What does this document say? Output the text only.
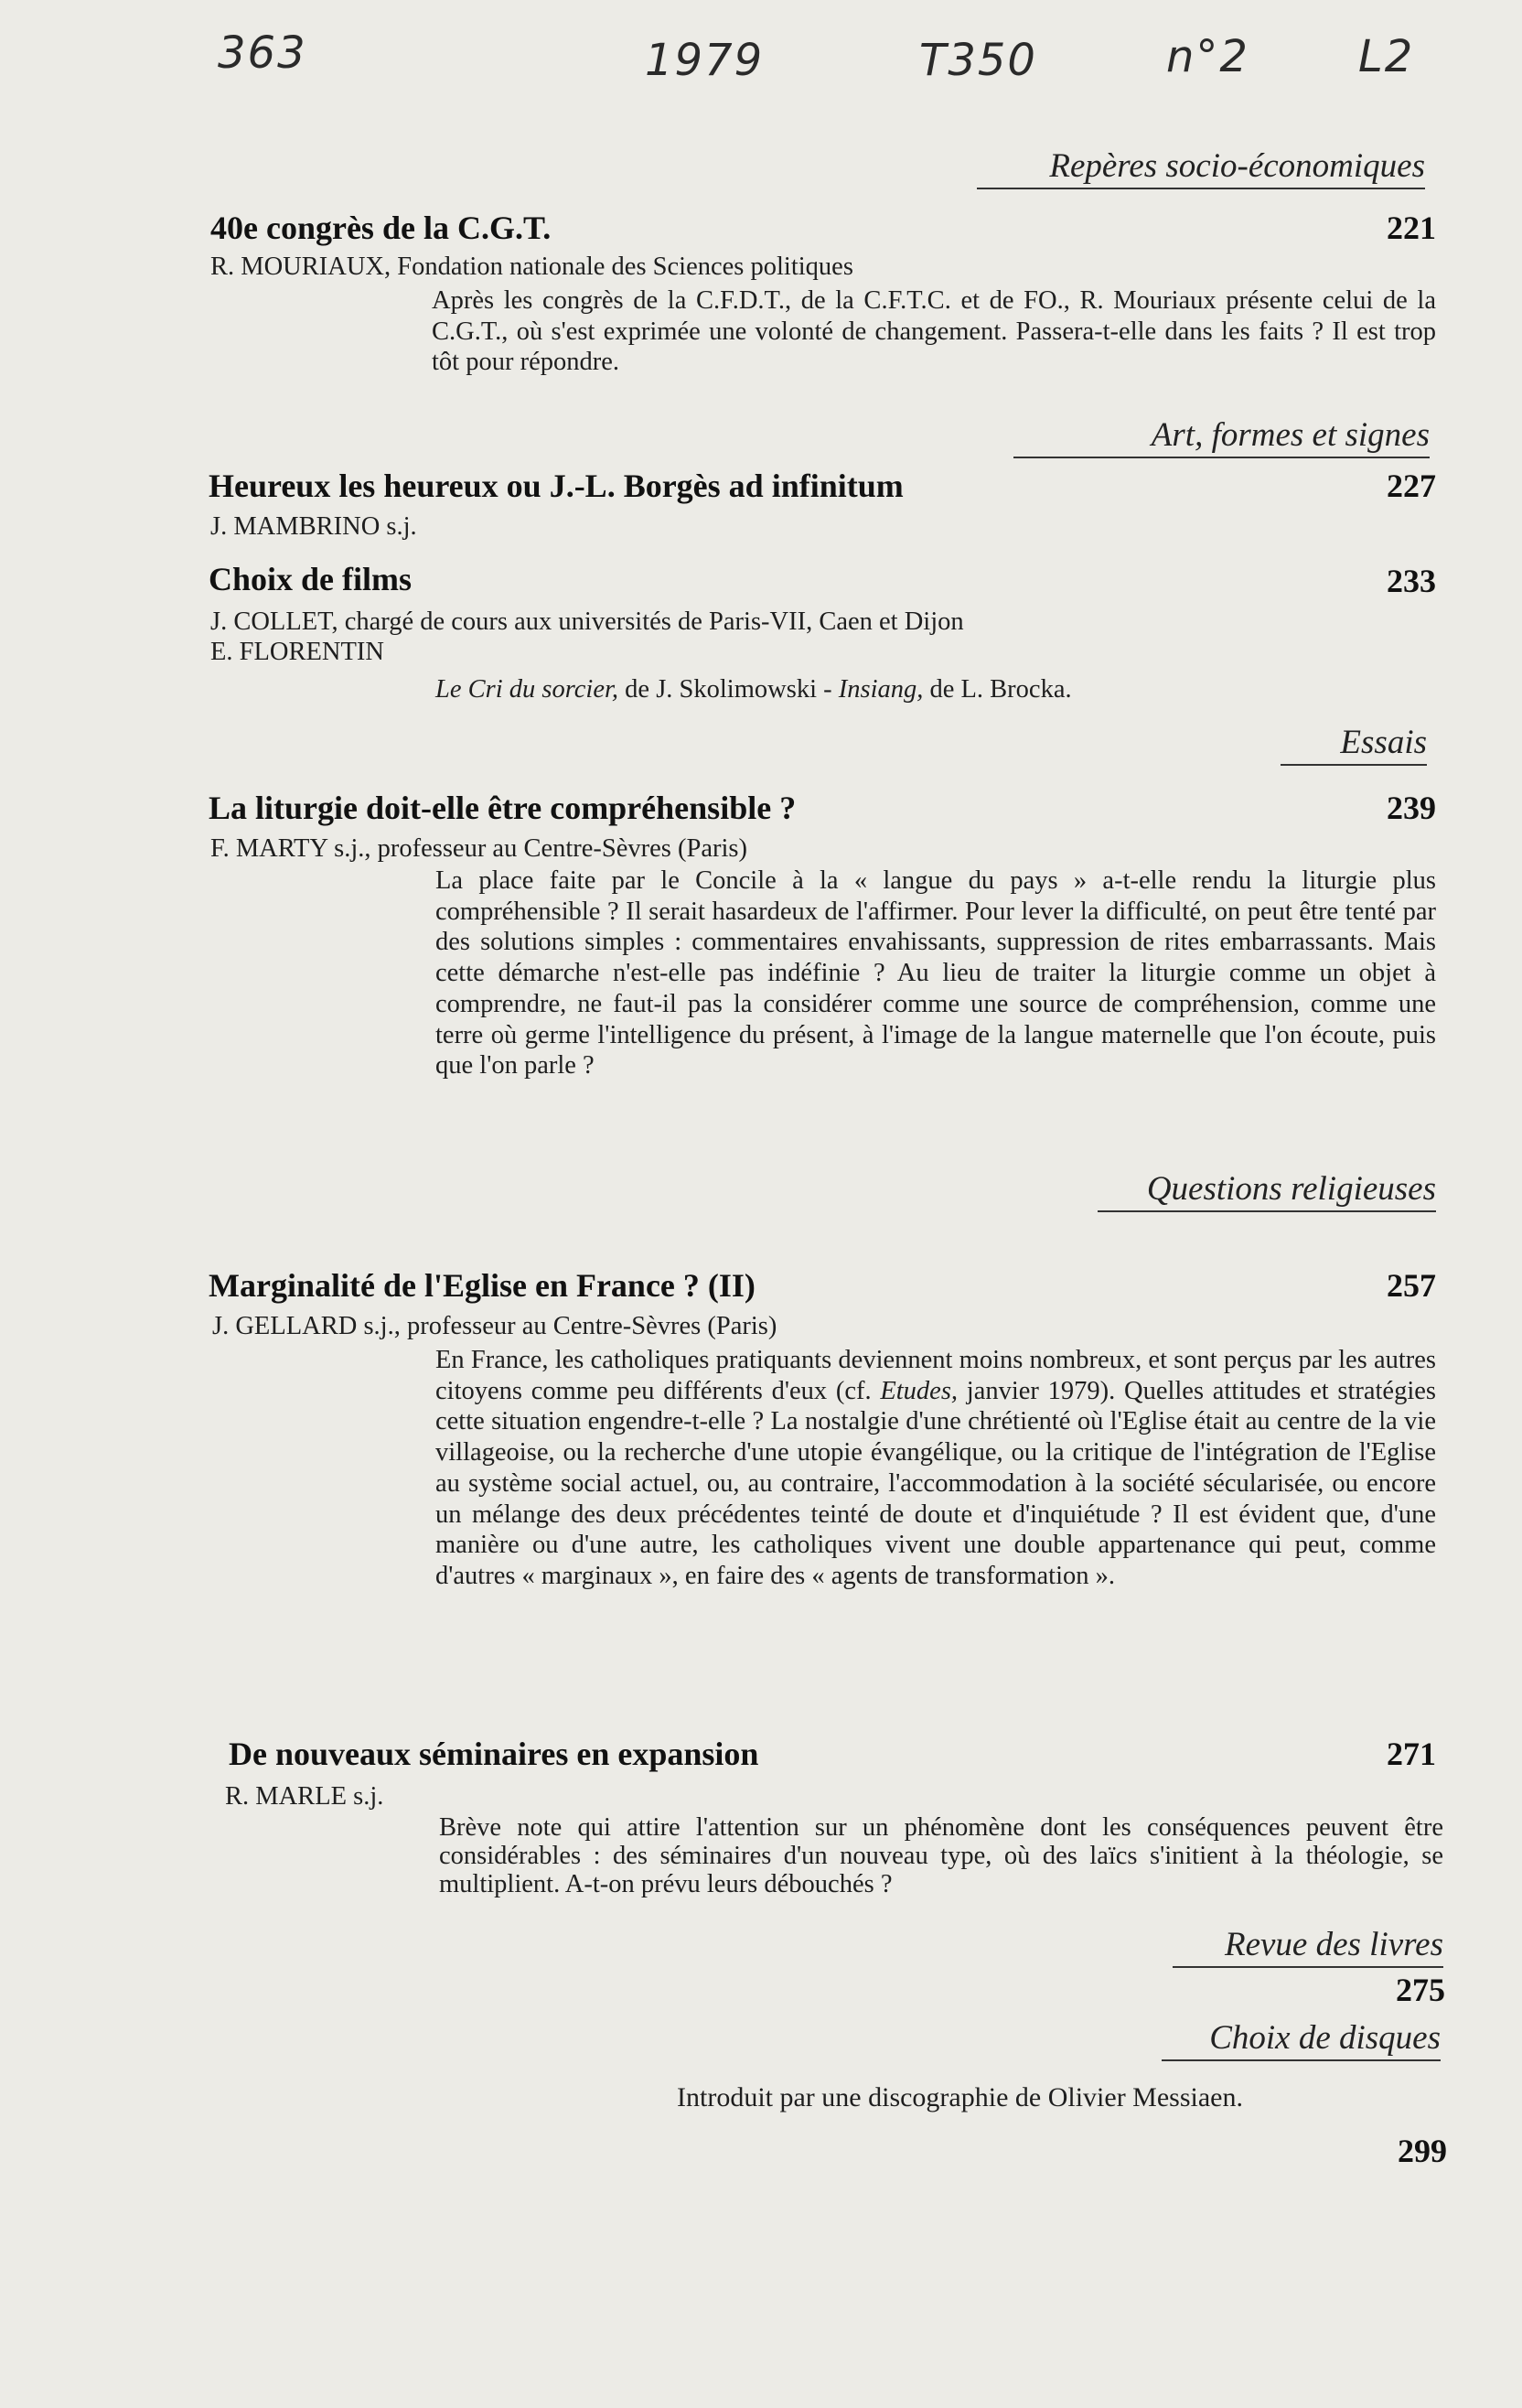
363	1979	T350	n°2 L2
Repères socio-économiques
40e congrès de la C.G.T.	221
R. MOURIAUX, Fondation nationale des Sciences politiques
Après les congrès de la C.F.D.T., de la C.F.T.C. et de FO., R. Mouriaux présente celui de la C.G.T., où s'est exprimée une volonté de changement. Passera-t-elle dans les faits ? Il est trop tôt pour répondre.
Art, formes et signes
Heureux les heureux ou J.-L. Borgès ad infinitum	227
J. MAMBRINO s.j.
Choix de films	233
J. COLLET, chargé de cours aux universités de Paris-VII, Caen et Dijon
E. FLORENTIN
Le Cri du sorcier, de J. Skolimowski - Insiang, de L. Brocka.
Essais
La liturgie doit-elle être compréhensible ?	239
F. MARTY s.j., professeur au Centre-Sèvres (Paris)
La place faite par le Concile à la « langue du pays » a-t-elle rendu la liturgie plus compréhensible ? Il serait hasardeux de l'affirmer. Pour lever la difficulté, on peut être tenté par des solutions simples : commentaires envahissants, suppression de rites embarrassants. Mais cette démarche n'est-elle pas indéfinie ? Au lieu de traiter la liturgie comme un objet à comprendre, ne faut-il pas la considérer comme une source de compréhension, comme une terre où germe l'intelligence du présent, à l'image de la langue maternelle que l'on écoute, puis que l'on parle ?
Questions religieuses
Marginalité de l'Eglise en France ? (II)	257
J. GELLARD s.j., professeur au Centre-Sèvres (Paris)
En France, les catholiques pratiquants deviennent moins nombreux, et sont perçus par les autres citoyens comme peu différents d'eux (cf. Etudes, janvier 1979). Quelles attitudes et stratégies cette situation engendre-t-elle ? La nostalgie d'une chrétienté où l'Eglise était au centre de la vie villageoise, ou la recherche d'une utopie évangélique, ou la critique de l'intégration de l'Eglise au système social actuel, ou, au contraire, l'accommodation à la société sécularisée, ou encore un mélange des deux précédentes teinté de doute et d'inquiétude ? Il est évident que, d'une manière ou d'une autre, les catholiques vivent une double appartenance qui peut, comme d'autres « marginaux », en faire des « agents de transformation ».
De nouveaux séminaires en expansion	271
R. MARLE s.j.
Brève note qui attire l'attention sur un phénomène dont les conséquences peuvent être considérables : des séminaires d'un nouveau type, où des laïcs s'initient à la théologie, se multiplient. A-t-on prévu leurs débouchés ?
Revue des livres
275
Choix de disques
Introduit par une discographie de Olivier Messiaen.
299
